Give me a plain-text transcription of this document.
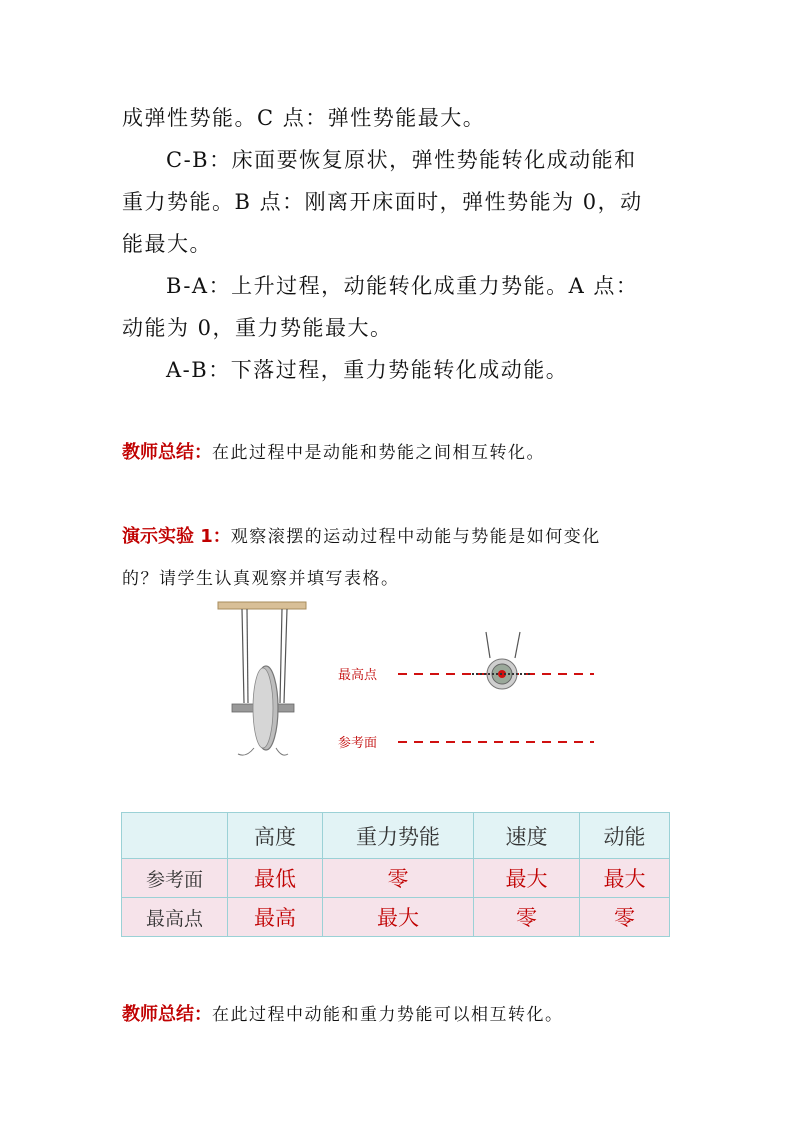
成弹性势能。C 点：弹性势能最大。
C-B：床面要恢复原状，弹性势能转化成动能和
重力势能。B 点：刚离开床面时，弹性势能为 0，动
能最大。
B-A：上升过程，动能转化成重力势能。A 点：
动能为 0，重力势能最大。
A-B：下落过程，重力势能转化成动能。
教师总结：在此过程中是动能和势能之间相互转化。
演示实验 1：观察滚摆的运动过程中动能与势能是如何变化
的？请学生认真观察并填写表格。
最高点
参考面
	高度	重力势能	速度	动能
参考面	最低	零	最大	最大
最高点	最高	最大	零	零
教师总结：在此过程中动能和重力势能可以相互转化。
